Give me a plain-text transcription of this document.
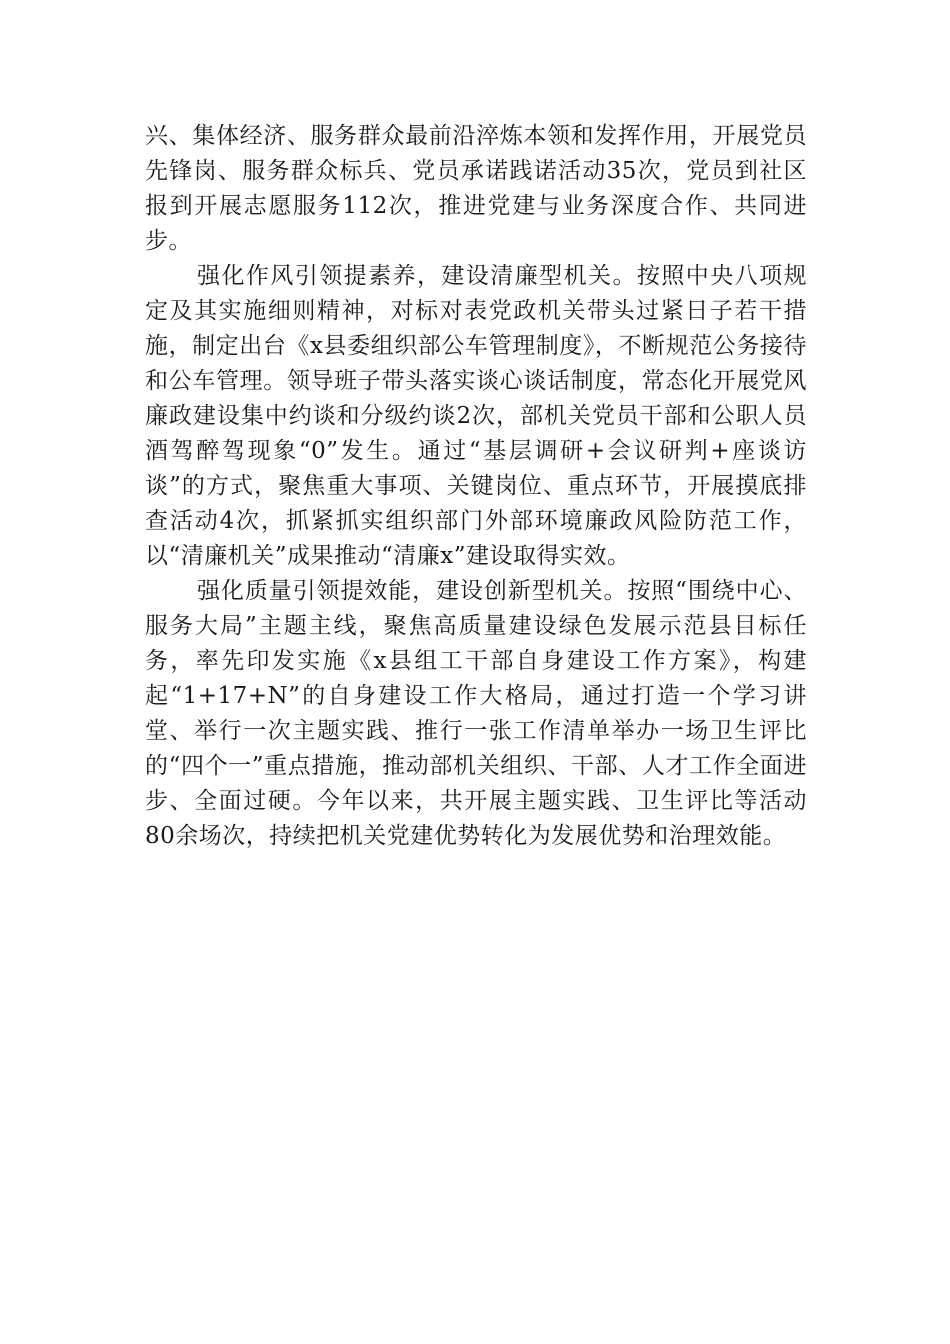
兴、集体经济、服务群众最前沿淬炼本领和发挥作用，开展党员先锋岗、服务群众标兵、党员承诺践诺活动35次，党员到社区报到开展志愿服务112次，推进党建与业务深度合作、共同进步。

强化作风引领提素养，建设清廉型机关。按照中央八项规定及其实施细则精神，对标对表党政机关带头过紧日子若干措施，制定出台《x县委组织部公车管理制度》，不断规范公务接待和公车管理。领导班子带头落实谈心谈话制度，常态化开展党风廉政建设集中约谈和分级约谈2次，部机关党员干部和公职人员酒驾醉驾现象“0”发生。通过“基层调研+会议研判+座谈访谈”的方式，聚焦重大事项、关键岗位、重点环节，开展摸底排查活动4次，抓紧抓实组织部门外部环境廉政风险防范工作，以“清廉机关”成果推动“清廉x”建设取得实效。

强化质量引领提效能，建设创新型机关。按照“围绕中心、服务大局”主题主线，聚焦高质量建设绿色发展示范县目标任务，率先印发实施《x县组工干部自身建设工作方案》，构建起“1+17+N”的自身建设工作大格局，通过打造一个学习讲堂、举行一次主题实践、推行一张工作清单举办一场卫生评比的“四个一”重点措施，推动部机关组织、干部、人才工作全面进步、全面过硬。今年以来，共开展主题实践、卫生评比等活动80余场次，持续把机关党建优势转化为发展优势和治理效能。
